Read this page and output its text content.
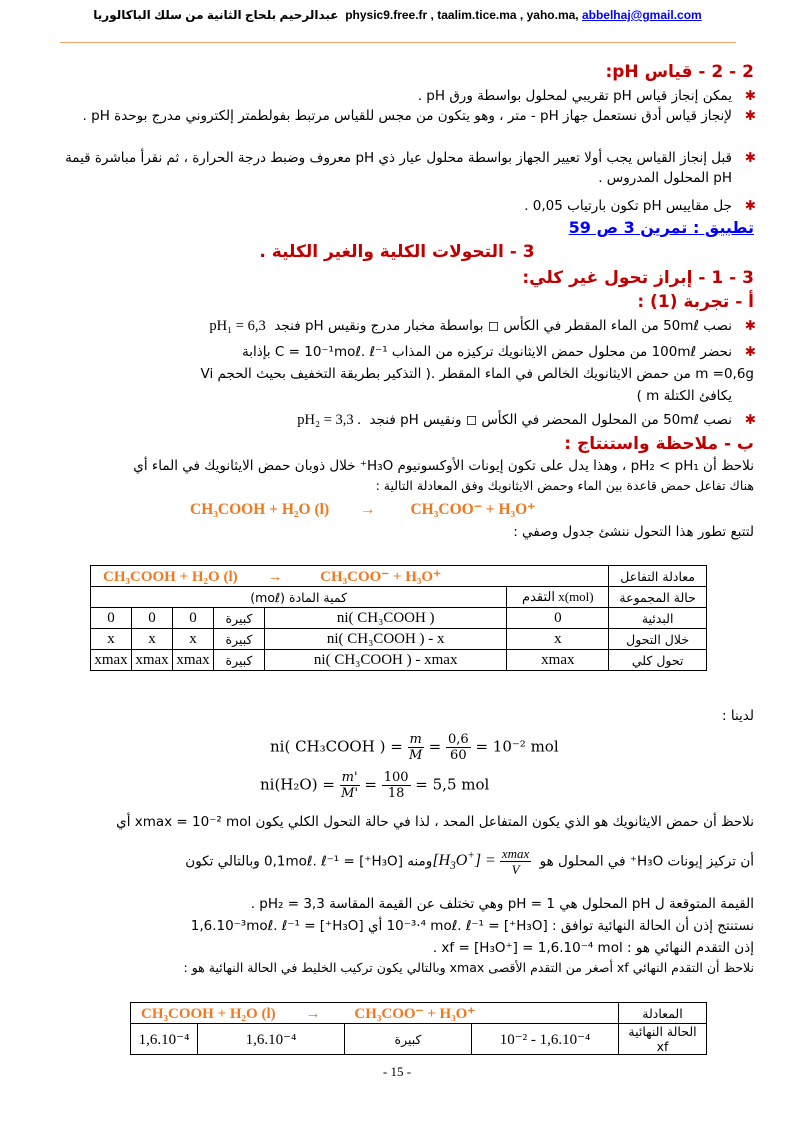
عبدالرحيم بلحاج الثانية من سلك الباكالوريا physic9.free.fr , taalim.tice.ma , yaho.ma, abbelhaj@gmail.com
2 - 2 - قياس pH:
✱
يمكن إنجاز قياس pH تقريبي لمحلول بواسطة ورق pH .
✱
لإنجاز قياس أدق نستعمل جهاز pH - متر ، وهو يتكون من مجس للقياس مرتبط بفولطمتر إلكتروني مدرج بوحدة pH .
✱
قبل إنجاز القياس يجب أولا تعيير الجهاز بواسطة محلول عيار ذي pH معروف وضبط درجة الحرارة ، ثم نقرأ مباشرة قيمة pH المحلول المدروس .
✱
جل مقاييس pH تكون بارتياب 0,05 .
تطبيق : تمرين 3 ص 59
3 - التحولات الكلية والغير الكلية .
3 - 1 - إبراز تحول غير كلي:
أ - تجربة (1) :
✱
نصب 50mℓ من الماء المقطر في الكأس ◻ بواسطة مخبار مدرج ونقيس pH فنجد  pH₁ = 6,3
✱
نحضر 100mℓ من محلول حمض الايثانويك تركيزه من المذاب C = 10⁻¹moℓ. ℓ⁻¹ بإذابة
m =0,6g من حمض الايثانويك الخالص في الماء المقطر .( التذكير بطريقة التخفيف بحيث الحجم Vi
يكافئ الكتلة m )
✱
نصب 50mℓ من المحلول المحضر في الكأس ◻ ونقيس pH فنجد  pH₂ = 3,3 .
ب - ملاحظة واستنتاج :
نلاحظ أن pH₂ < pH₁ ، وهذا يدل على تكون إيونات الأوكسونيوم H₃O⁺ خلال ذوبان حمض الايثانويك في الماء أي
هناك تفاعل حمض قاعدة بين الماء وحمض الايثانويك وفق المعادلة التالية :
CH₃COOH + H₂O (l) → CH₃COO⁻ + H₃O⁺
لتتبع تطور هذا التحول ننشئ جدول وصفي :
CH₃COOH + H₂O (l) → CH₃COO⁻ + H₃O⁺						معادلة التفاعل
كمية المادة (moℓ)					التقدم x(mol)	حالة المجموعة
0	0	0	كبيرة	ni( CH₃COOH )	0	البدئية
x	x	x	كبيرة	ni( CH₃COOH ) - x	x	خلال التحول
xmax	xmax	xmax	كبيرة	ni( CH₃COOH ) - xmax	xmax	تحول كلي
لدينا :
ni( CH₃COOH ) = $\frac{m}{M} = \frac{0,6}{60} = 10^{-2}$ mol
$ni(H_2O) = \frac{m'}{M'} = \frac{100}{18} = 5,5$ mol
نلاحظ أن حمض الايثانويك هو الذي يكون المتفاعل المحد ، لذا في حالة التحول الكلي يكون xmax = 10⁻² mol أي
أن تركيز إيونات H₃O⁺ في المحلول هو $[H_3O^+] = \frac{xmax}{V}$
ومنه [H₃O⁺] = 0,1moℓ. ℓ⁻¹ وبالتالي تكون
القيمة المتوقعة ل pH المحلول هي pH = 1 وهي تختلف عن القيمة المقاسة pH₂ = 3,3 .
نستنتج إذن أن الحالة النهائية توافق : [H₃O⁺] = 10⁻³·⁴ moℓ. ℓ⁻¹ أي [H₃O⁺] = 1,6.10⁻³moℓ. ℓ⁻¹
إذن التقدم النهائي هو : xf = [H₃O⁺] = 1,6.10⁻⁴ mol .
نلاحظ أن التقدم النهائي xf أصغر من التقدم الأقصى xmax وبالتالي يكون تركيب الخليط في الحالة النهائية هو :
CH₃COOH + H₂O (l) → CH₃COO⁻ + H₃O⁺				المعادلة
1,6.10⁻⁴	1,6.10⁻⁴	كبيرة	10⁻² - 1,6.10⁻⁴	الحالة النهائية xf
- 15 -
